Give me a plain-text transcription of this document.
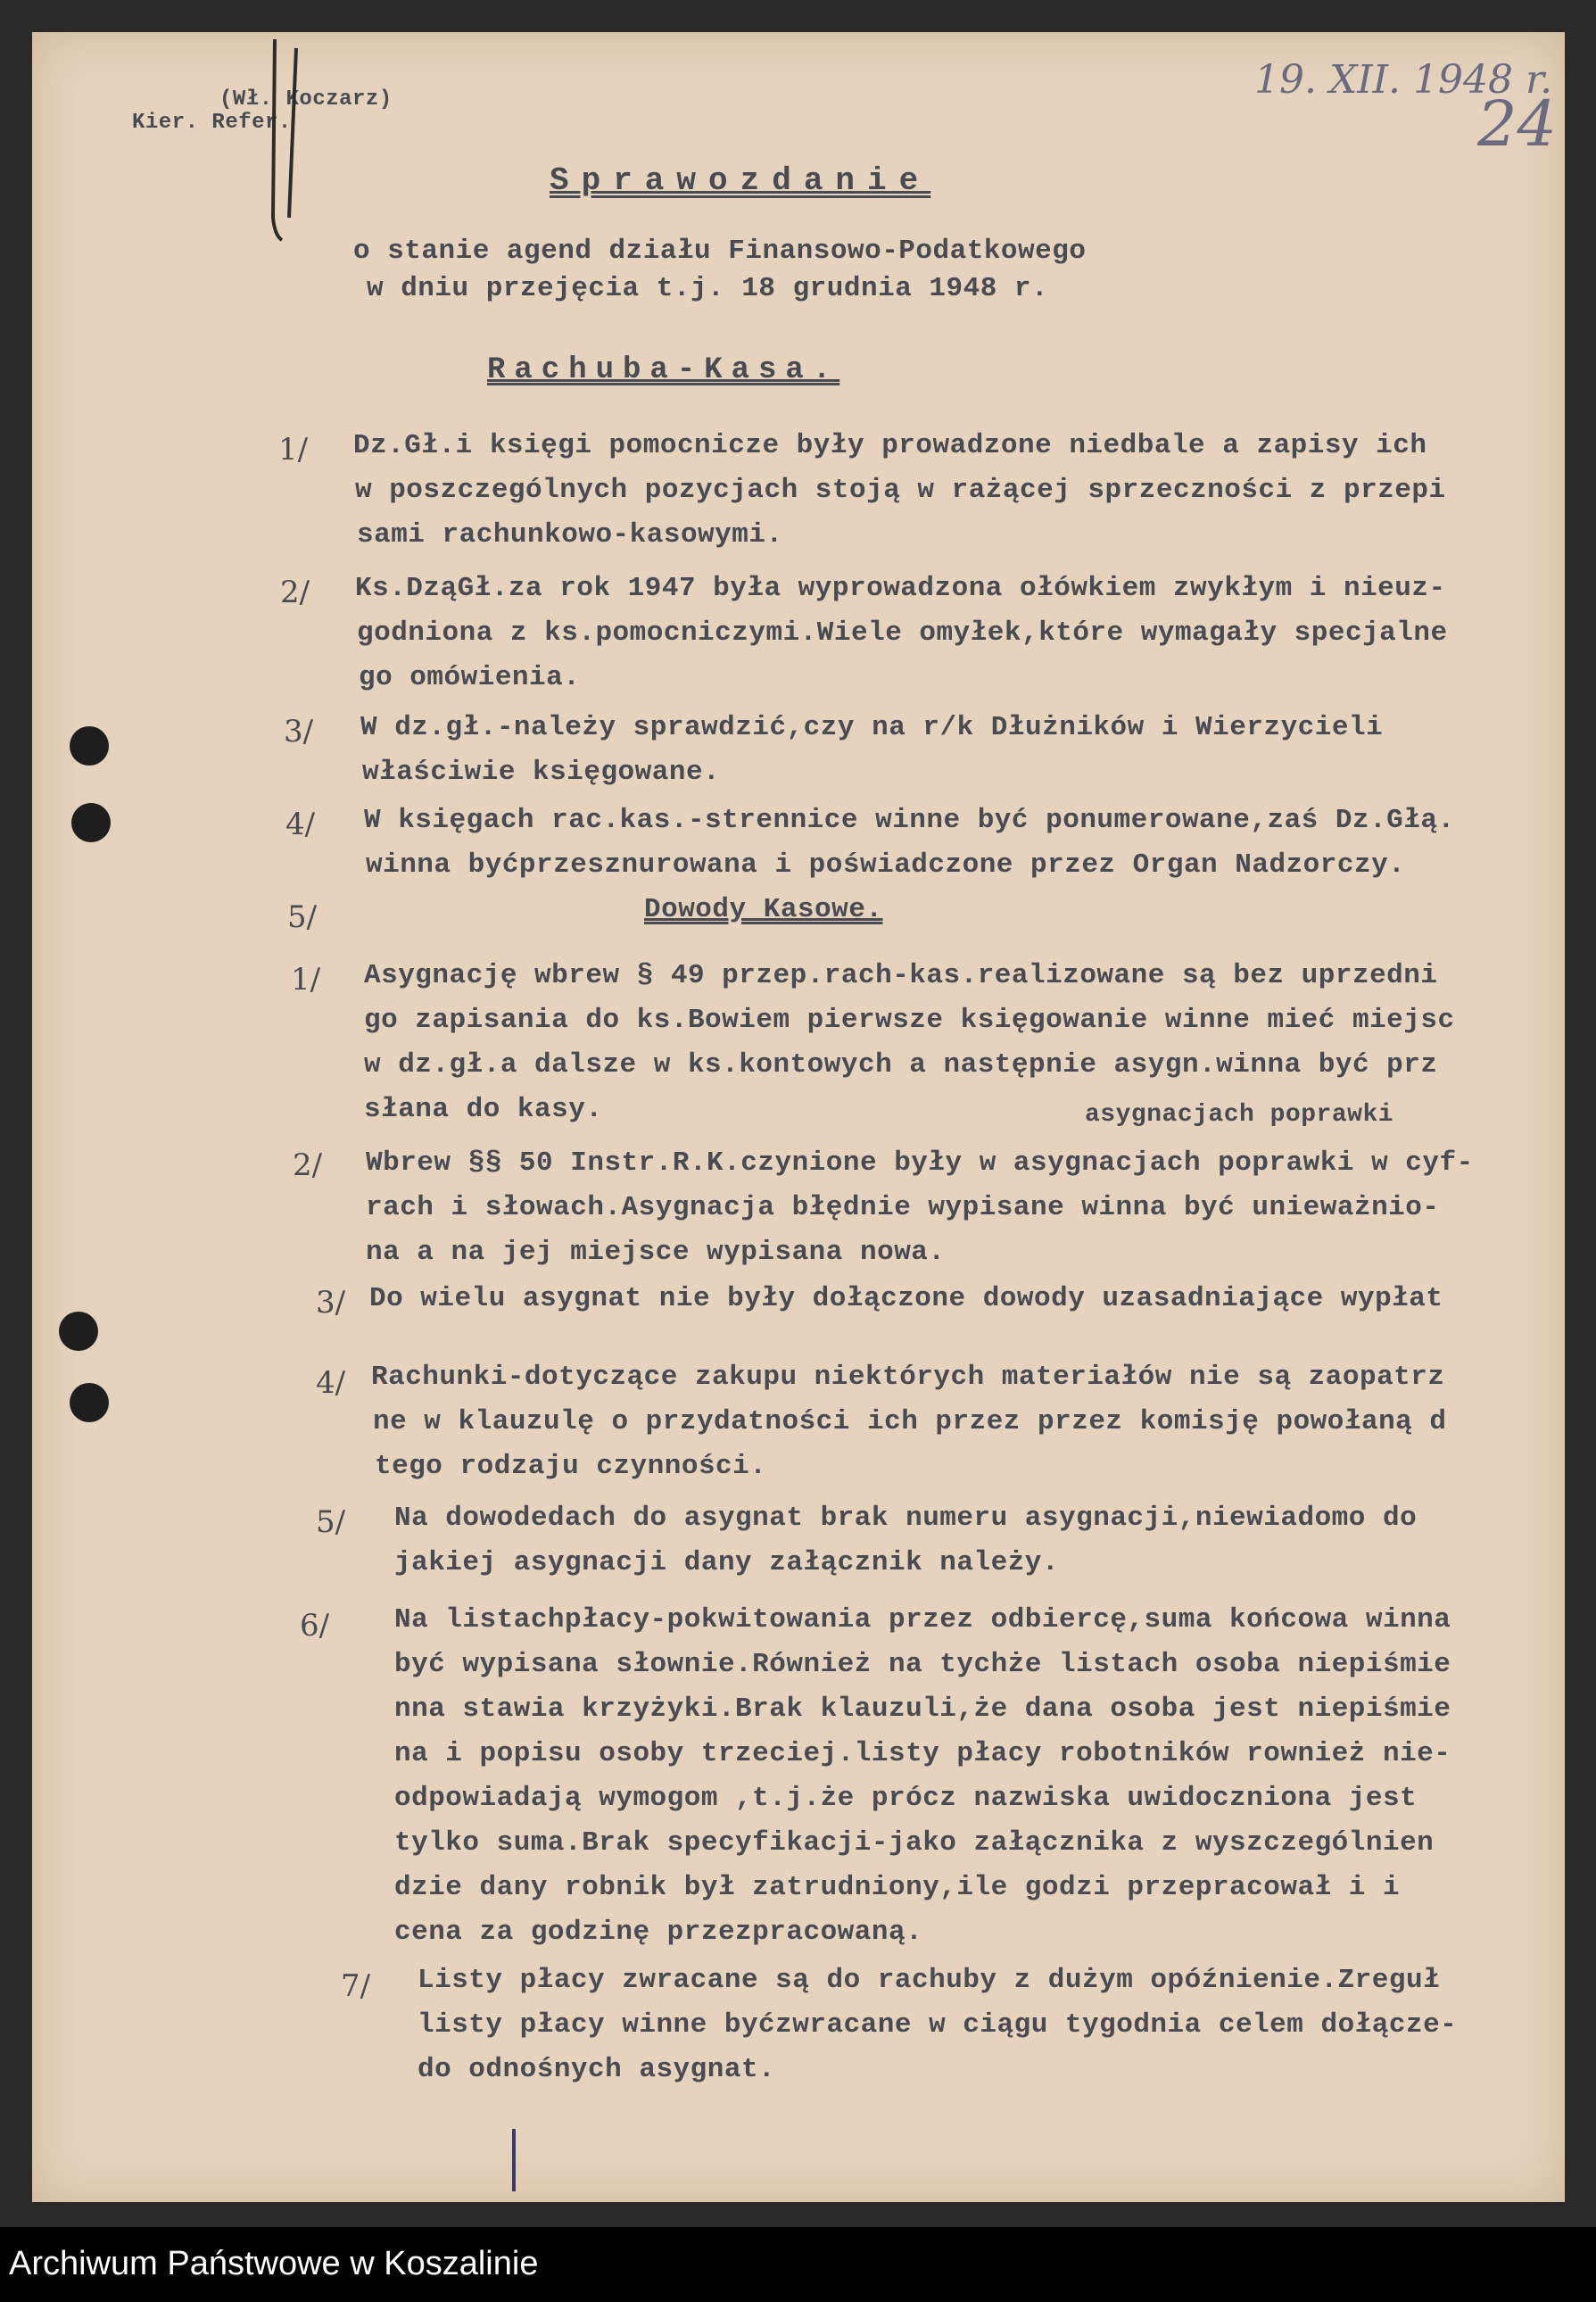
(Wł. Koczarz)
Kier. Refer.
19. XII. 1948 r.
24
Sprawozdanie
o stanie agend działu Finansowo-Podatkowego
w dniu przejęcia t.j. 18 grudnia 1948 r.
Rachuba-Kasa.
1/ Dz.Gł.i księgi pomocnicze były prowadzone niedbale a zapisy ich
w poszczególnych pozycjach stoją w rażącej sprzeczności z przepi
sami rachunkowo-kasowymi.
2/ Ks.DząGł.za rok 1947 była wyprowadzona ołówkiem zwykłym i nieuz-
godniona z ks.pomocniczymi.Wiele omyłek,które wymagały specjalne
go omówienia.
3/ W dz.gł.-należy sprawdzić,czy na r/k Dłużników i Wierzycieli
właściwie księgowane.
4/ W księgach rac.kas.-strennice winne być ponumerowane,zaś Dz.Głą.
winna byćprzesznurowana i poświadczone przez Organ Nadzorczy.
5/	Dowody Kasowe.
1/ Asygnację wbrew § 49 przep.rach-kas.realizowane są bez uprzedni
go zapisania do ks.Bowiem pierwsze księgowanie winne mieć miejsc
w dz.gł.a dalsze w ks.kontowych a następnie asygn.winna być prz
słana do kasy.	asygnacjach poprawki
2/ Wbrew §§ 50 Instr.R.K.czynione były w asygnacjach poprawki w cyf-
rach i słowach.Asygnacja błędnie wypisane winna być unieważnio-
na a na jej miejsce wypisana nowa.
3/ Do wielu asygnat nie były dołączone dowody uzasadniające wypłat
4/ Rachunki-dotyczące zakupu niektórych materiałów nie są zaopatrz
ne w klauzulę o przydatności ich przez przez komisję powołaną d
tego rodzaju czynności.
5/ Na dowodedach do asygnat brak numeru asygnacji,niewiadomo do
jakiej asygnacji dany załącznik należy.
6/ Na listachpłacy-pokwitowania przez odbiercę,suma końcowa winna
być wypisana słownie.Również na tychże listach osoba niepiśmie
nna stawia krzyżyki.Brak klauzuli,że dana osoba jest niepiśmie
na i popisu osoby trzeciej.listy płacy robotników rownież nie-
odpowiadają wymogom ,t.j.że prócz nazwiska uwidoczniona jest
tylko suma.Brak specyfikacji-jako załącznika z wyszczególnien
dzie dany robnik był zatrudniony,ile godzi przepracował i i
cena za godzinę przezpracowaną.
7/ Listy płacy zwracane są do rachuby z dużym opóźnienie.Zreguł
listy płacy winne byćzwracane w ciągu tygodnia celem dołącze-
do odnośnych asygnat.
Archiwum Państwowe w Koszalinie
